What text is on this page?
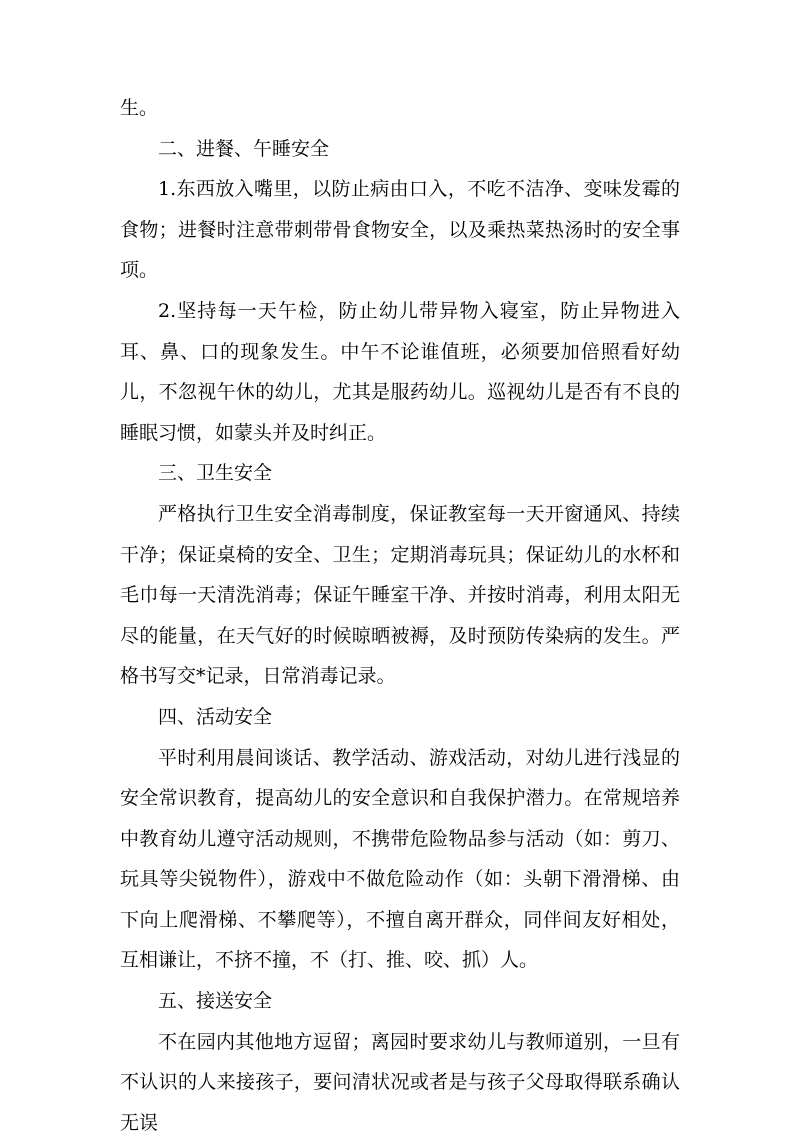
生。

二、进餐、午睡安全

1.东西放入嘴里，以防止病由口入，不吃不洁净、变味发霉的食物；进餐时注意带刺带骨食物安全，以及乘热菜热汤时的安全事项。

2.坚持每一天午检，防止幼儿带异物入寝室，防止异物进入耳、鼻、口的现象发生。中午不论谁值班，必须要加倍照看好幼儿，不忽视午休的幼儿，尤其是服药幼儿。巡视幼儿是否有不良的睡眠习惯，如蒙头并及时纠正。

三、卫生安全

严格执行卫生安全消毒制度，保证教室每一天开窗通风、持续干净；保证桌椅的安全、卫生；定期消毒玩具；保证幼儿的水杯和毛巾每一天清洗消毒；保证午睡室干净、并按时消毒，利用太阳无尽的能量，在天气好的时候晾晒被褥，及时预防传染病的发生。严格书写交*记录，日常消毒记录。

四、活动安全

平时利用晨间谈话、教学活动、游戏活动，对幼儿进行浅显的安全常识教育，提高幼儿的安全意识和自我保护潜力。在常规培养中教育幼儿遵守活动规则，不携带危险物品参与活动（如：剪刀、玩具等尖锐物件），游戏中不做危险动作（如：头朝下滑滑梯、由下向上爬滑梯、不攀爬等），不擅自离开群众，同伴间友好相处，互相谦让，不挤不撞，不（打、推、咬、抓）人。

五、接送安全

不在园内其他地方逗留；离园时要求幼儿与教师道别，一旦有不认识的人来接孩子，要问清状况或者是与孩子父母取得联系确认无误
